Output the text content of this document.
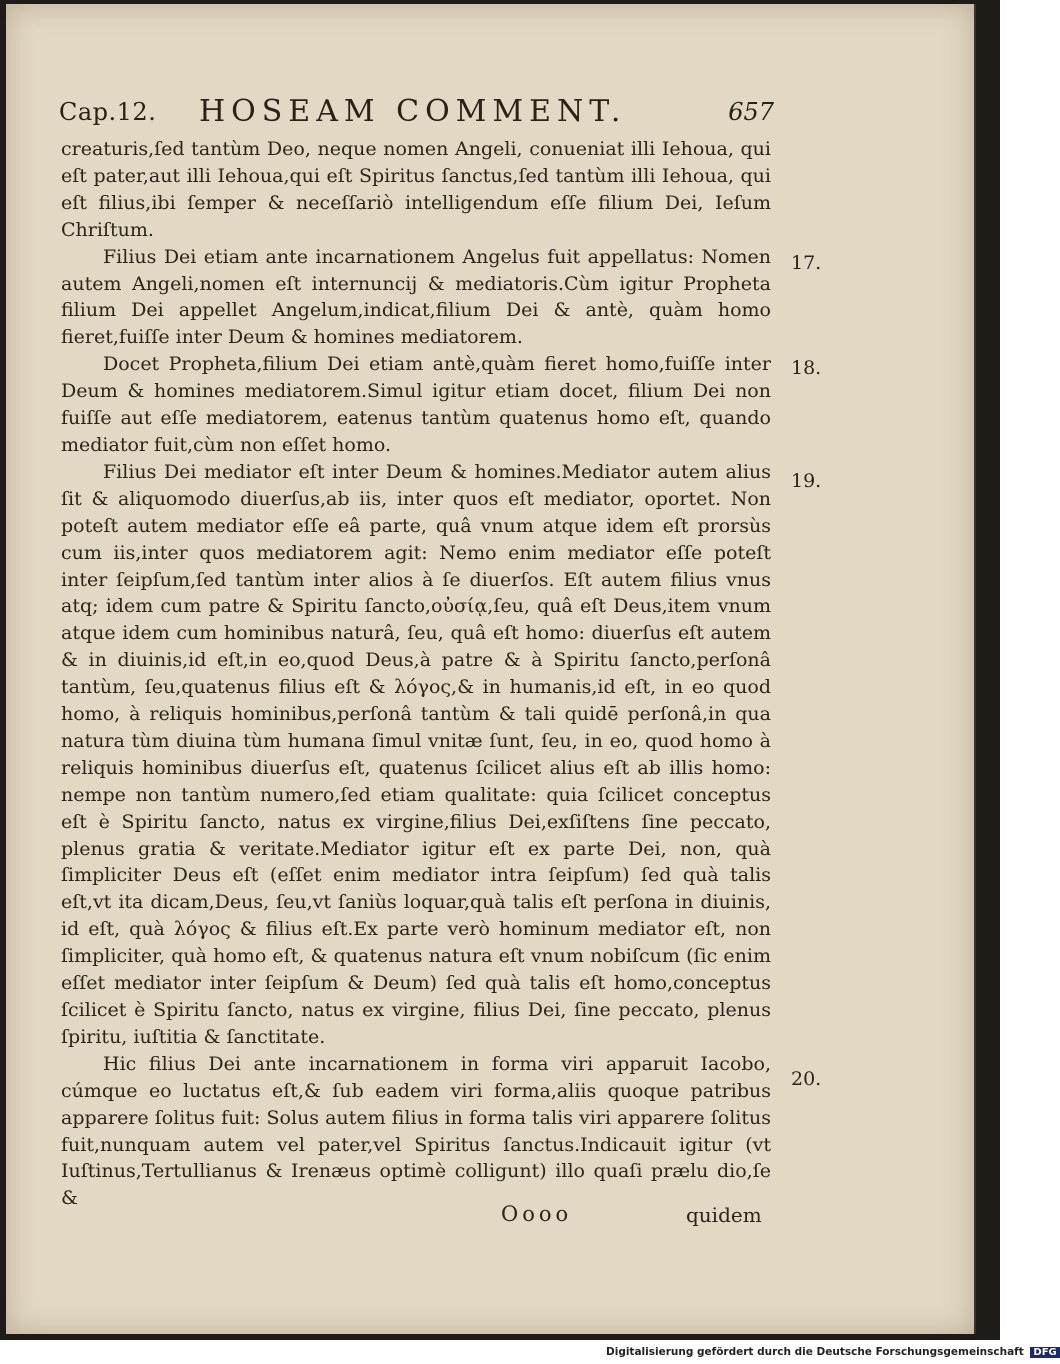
Cap.12. HOSEAM COMMENT.	657

creaturis,ſed tantùm Deo, neque nomen Angeli, conueniat illi Iehoua, qui eſt pater,aut illi Iehoua,qui eſt Spiritus ſanctus,ſed tantùm illi Iehoua, qui eſt filius,ibi ſemper & neceſſariò intelligendum eſſe filium Dei, Ieſum Chriſtum.

Filius Dei etiam ante incarnationem Angelus fuit appellatus: Nomen autem Angeli,nomen eſt internuncij & mediatoris.Cùm igitur Propheta filium Dei appellet Angelum,indicat,filium Dei & antè, quàm homo fieret,fuiſſe inter Deum & homines mediatorem.

Docet Propheta,filium Dei etiam antè,quàm fieret homo,fuiſſe inter Deum & homines mediatorem.Simul igitur etiam docet, filium Dei non fuiſſe aut eſſe mediatorem, eatenus tantùm quatenus homo eſt, quando mediator fuit,cùm non eſſet homo.

Filius Dei mediator eſt inter Deum & homines.Mediator autem alius ſit & aliquomodo diuerſus,ab iis, inter quos eſt mediator, oportet. Non poteſt autem mediator eſſe eâ parte, quâ vnum atque idem eſt prorsùs cum iis,inter quos mediatorem agit: Nemo enim mediator eſſe poteſt inter ſeipſum,ſed tantùm inter alios à ſe diuerſos. Eſt autem filius vnus atq; idem cum patre & Spiritu ſancto,οὐσίᾳ,ſeu, quâ eſt Deus,item vnum atque idem cum hominibus naturâ, ſeu, quâ eſt homo: diuerſus eſt autem & in diuinis,id eſt,in eo,quod Deus,à patre & à Spiritu ſancto,perſonâ tantùm, ſeu,quatenus filius eſt & λόγος,& in humanis,id eſt, in eo quod homo, à reliquis hominibus,perſonâ tantùm & tali quidē perſonâ,in qua natura tùm diuina tùm humana ſimul vnitæ ſunt, ſeu, in eo, quod homo à reliquis hominibus diuerſus eſt, quatenus ſcilicet alius eſt ab illis homo: nempe non tantùm numero,ſed etiam qualitate: quia ſcilicet conceptus eſt è Spiritu ſancto, natus ex virgine,filius Dei,exſiſtens ſine peccato, plenus gratia & veritate.Mediator igitur eſt ex parte Dei, non, quà ſimpliciter Deus eſt (eſſet enim mediator intra ſeipſum) ſed quà talis eſt,vt ita dicam,Deus, ſeu,vt ſaniùs loquar,quà talis eſt perſona in diuinis, id eſt, quà λόγος & filius eſt.Ex parte verò hominum mediator eſt, non ſimpliciter, quà homo eſt, & quatenus natura eſt vnum nobiſcum (ſic enim eſſet mediator inter ſeipſum & Deum) ſed quà talis eſt homo,conceptus ſcilicet è Spiritu ſancto, natus ex virgine, filius Dei, ſine peccato, plenus ſpiritu, iuſtitia & ſanctitate.

Hic filius Dei ante incarnationem in forma viri apparuit Iacobo, cúmque eo luctatus eſt,& ſub eadem viri forma,aliis quoque patribus apparere ſolitus fuit: Solus autem filius in forma talis viri apparere ſolitus fuit,nunquam autem vel pater,vel Spiritus ſanctus.Indicauit igitur (vt Iuſtinus,Tertullianus & Irenæus optimè colligunt) illo quaſi prælu dio,ſe &

17.
18.
19.
20.
Oooo	quidem
Digitalisierung gefördert durch die Deutsche Forschungsgemeinschaft DFG
